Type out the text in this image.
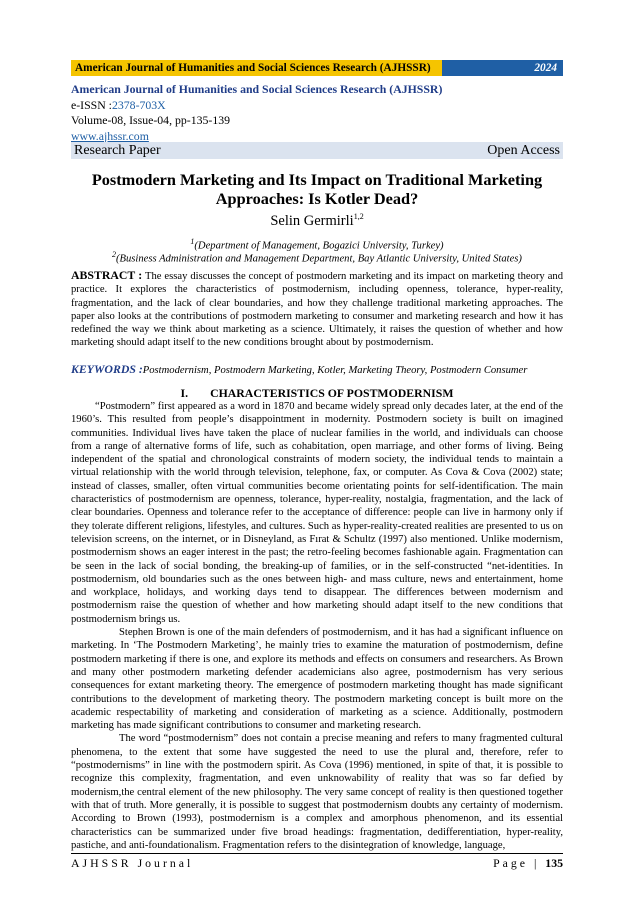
American Journal of Humanities and Social Sciences Research (AJHSSR)	2024
American Journal of Humanities and Social Sciences Research (AJHSSR)
e-ISSN :2378-703X
Volume-08, Issue-04, pp-135-139
www.ajhssr.com
Research Paper	Open Access
Postmodern Marketing and Its Impact on Traditional Marketing
Approaches: Is Kotler Dead?
Selin Germirli$^{1,2}$
$^1$(Department of Management, Bogazici University, Turkey)
$^2$(Business Administration and Management Department, Bay Atlantic University, United States)
ABSTRACT : The essay discusses the concept of postmodern marketing and its impact on marketing theory and practice. It explores the characteristics of postmodernism, including openness, tolerance, hyper-reality, fragmentation, and the lack of clear boundaries, and how they challenge traditional marketing approaches. The paper also looks at the contributions of postmodern marketing to consumer and marketing research and how it has redefined the way we think about marketing as a science. Ultimately, it raises the question of whether and how marketing should adapt itself to the new conditions brought about by postmodernism.
KEYWORDS :Postmodernism, Postmodern Marketing, Kotler, Marketing Theory, Postmodern Consumer
I. CHARACTERISTICS OF POSTMODERNISM

“Postmodern” first appeared as a word in 1870 and became widely spread only decades later, at the end of the 1960’s. This resulted from people’s disappointment in modernity. Postmodern society is built on imagined communities. Individual lives have taken the place of nuclear families in the world, and individuals can choose from a range of alternative forms of life, such as cohabitation, open marriage, and other forms of living. Being independent of the spatial and chronological constraints of modern society, the individual tends to maintain a virtual relationship with the world through television, telephone, fax, or computer. As Cova & Cova (2002) state; instead of classes, smaller, often virtual communities become orientating points for self-identification. The main characteristics of postmodernism are openness, tolerance, hyper-reality, nostalgia, fragmentation, and the lack of clear boundaries. Openness and tolerance refer to the acceptance of difference: people can live in harmony only if they tolerate different religions, lifestyles, and cultures. Such as hyper-reality-created realities are presented to us on television screens, on the internet, or in Disneyland, as Fırat & Schultz (1997) also mentioned. Unlike modernism, postmodernism shows an eager interest in the past; the retro-feeling becomes fashionable again. Fragmentation can be seen in the lack of social bonding, the breaking-up of families, or in the self-constructed “net-identities. In postmodernism, old boundaries such as the ones between high- and mass culture, news and entertainment, home and workplace, holidays, and working days tend to disappear. The differences between modernism and postmodernism raise the question of whether and how marketing should adapt itself to the new conditions that postmodernism brings us.

Stephen Brown is one of the main defenders of postmodernism, and it has had a significant influence on marketing. In ‘The Postmodern Marketing’, he mainly tries to examine the maturation of postmodernism, define postmodern marketing if there is one, and explore its methods and effects on consumers and researchers. As Brown and many other postmodern marketing defender academicians also agree, postmodernism has very serious consequences for extant marketing theory. The emergence of postmodern marketing thought has made significant contributions to the development of marketing theory. The postmodern marketing concept is built more on the academic respectability of marketing and consideration of marketing as a science. Additionally, postmodern marketing has made significant contributions to consumer and marketing research.

The word “postmodernism” does not contain a precise meaning and refers to many fragmented cultural phenomena, to the extent that some have suggested the need to use the plural and, therefore, refer to “postmodernisms” in line with the postmodern spirit. As Cova (1996) mentioned, in spite of that, it is possible to recognize this complexity, fragmentation, and even unknowability of reality that was so far defied by modernism,the central element of the new philosophy. The very same concept of reality is then questioned together with that of truth. More generally, it is possible to suggest that postmodernism doubts any certainty of modernism. According to Brown (1993), postmodernism is a complex and amorphous phenomenon, and its essential characteristics can be summarized under five broad headings: fragmentation, dedifferentiation, hyper-reality, pastiche, and anti-foundationalism. Fragmentation refers to the disintegration of knowledge, language,

AJHSSR Journal	Page | 135
